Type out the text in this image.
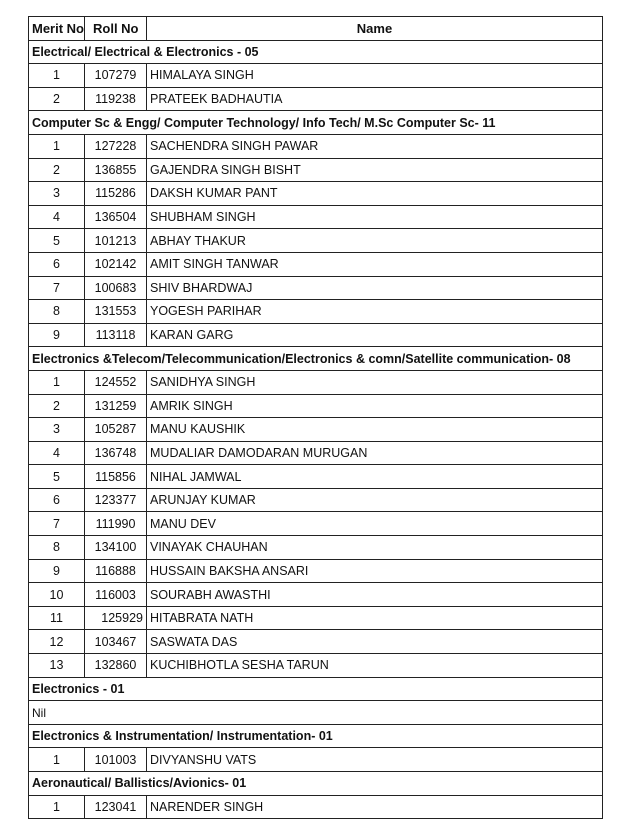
Merit No	Roll No	Name
Electrical/ Electrical & Electronics - 05		
1	107279	HIMALAYA SINGH
2	119238	PRATEEK BADHAUTIA
Computer Sc & Engg/ Computer Technology/ Info Tech/ M.Sc Computer Sc- 11		
1	127228	SACHENDRA SINGH PAWAR
2	136855	GAJENDRA SINGH BISHT
3	115286	DAKSH KUMAR PANT
4	136504	SHUBHAM SINGH
5	101213	ABHAY THAKUR
6	102142	AMIT SINGH TANWAR
7	100683	SHIV BHARDWAJ
8	131553	YOGESH PARIHAR
9	113118	KARAN GARG
Electronics &Telecom/Telecommunication/Electronics & comn/Satellite communication- 08		
1	124552	SANIDHYA SINGH
2	131259	AMRIK SINGH
3	105287	MANU KAUSHIK
4	136748	MUDALIAR DAMODARAN MURUGAN
5	115856	NIHAL JAMWAL
6	123377	ARUNJAY KUMAR
7	111990	MANU DEV
8	134100	VINAYAK CHAUHAN
9	116888	HUSSAIN BAKSHA ANSARI
10	116003	SOURABH AWASTHI
11	125929	HITABRATA NATH
12	103467	SASWATA DAS
13	132860	KUCHIBHOTLA SESHA TARUN
Electronics - 01		
Nil		
Electronics & Instrumentation/ Instrumentation- 01		
1	101003	DIVYANSHU VATS
Aeronautical/ Ballistics/Avionics- 01		
1	123041	NARENDER SINGH
